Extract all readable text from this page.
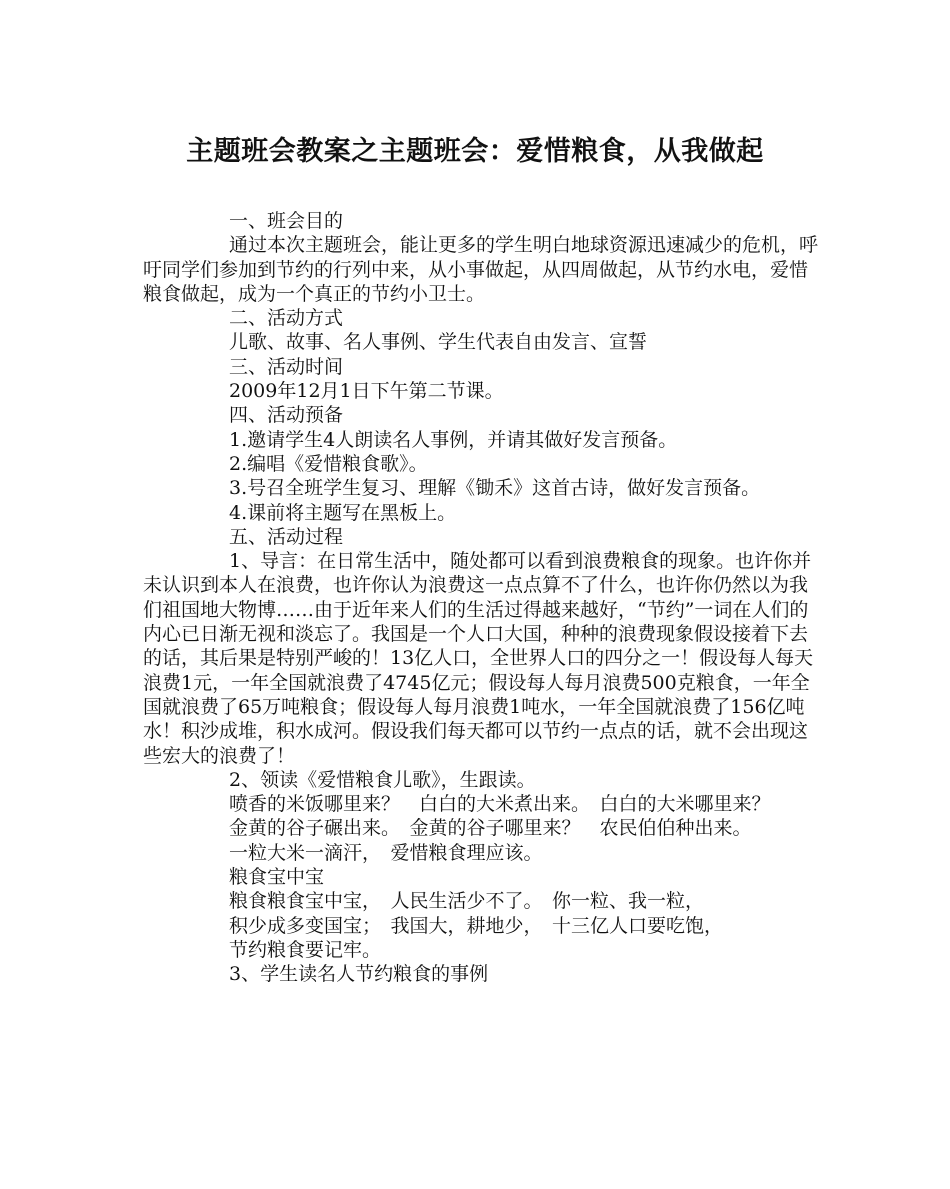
主题班会教案之主题班会：爱惜粮食，从我做起

一、班会目的

通过本次主题班会，能让更多的学生明白地球资源迅速减少的危机，呼吁同学们参加到节约的行列中来，从小事做起，从四周做起，从节约水电，爱惜粮食做起，成为一个真正的节约小卫士。

二、活动方式

儿歌、故事、名人事例、学生代表自由发言、宣誓

三、活动时间

2009年12月1日下午第二节课。

四、活动预备

1.邀请学生4人朗读名人事例，并请其做好发言预备。

2.编唱《爱惜粮食歌》。

3.号召全班学生复习、理解《锄禾》这首古诗，做好发言预备。

4.课前将主题写在黑板上。

五、活动过程

1、导言：在日常生活中，随处都可以看到浪费粮食的现象。也许你并未认识到本人在浪费，也许你认为浪费这一点点算不了什么，也许你仍然以为我们祖国地大物博……由于近年来人们的生活过得越来越好，“节约”一词在人们的内心已日渐无视和淡忘了。我国是一个人口大国，种种的浪费现象假设接着下去的话，其后果是特别严峻的！13亿人口，全世界人口的四分之一！假设每人每天浪费1元，一年全国就浪费了4745亿元；假设每人每月浪费500克粮食，一年全国就浪费了65万吨粮食；假设每人每月浪费1吨水，一年全国就浪费了156亿吨水！积沙成堆，积水成河。假设我们每天都可以节约一点点的话，就不会出现这些宏大的浪费了！

2、领读《爱惜粮食儿歌》，生跟读。

喷香的米饭哪里来？　白白的大米煮出来。　白白的大米哪里来？

金黄的谷子碾出来。　金黄的谷子哪里来？　农民伯伯种出来。

一粒大米一滴汗，　爱惜粮食理应该。

粮食宝中宝

粮食粮食宝中宝，　人民生活少不了。　你一粒、我一粒，

积少成多变国宝；　我国大，耕地少，　十三亿人口要吃饱，

节约粮食要记牢。

3、学生读名人节约粮食的事例
